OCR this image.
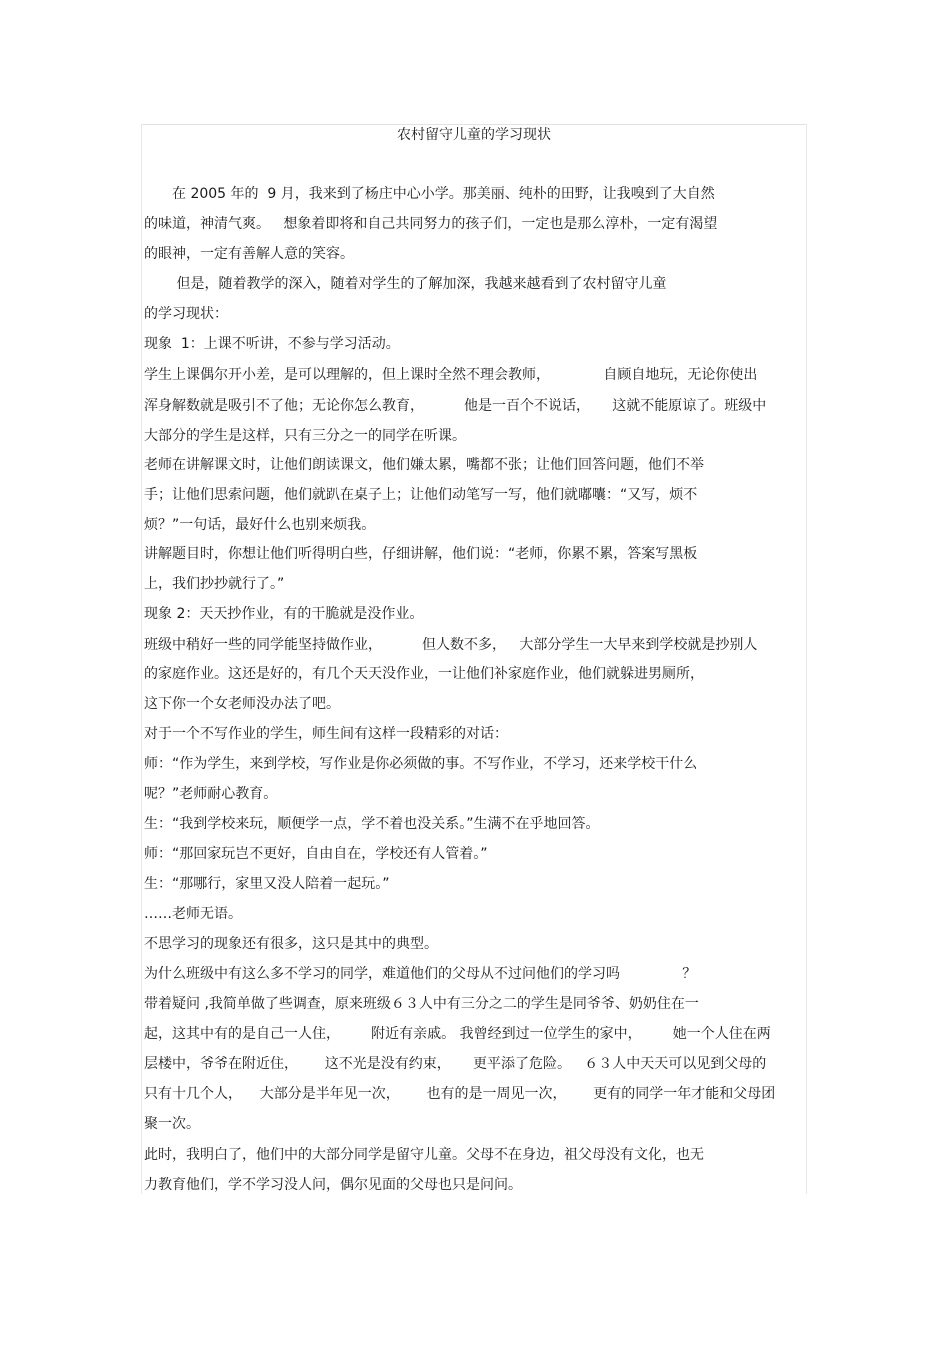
农村留守儿童的学习现状
　　在 2005 年的  9 月，我来到了杨庄中心小学。那美丽、纯朴的田野，让我嗅到了大自然
的味道，神清气爽。   想象着即将和自己共同努力的孩子们，一定也是那么淳朴，一定有渴望
的眼神，一定有善解人意的笑容。
　　 但是，随着教学的深入，随着对学生的了解加深，我越来越看到了农村留守儿童
的学习现状：
现象  1：上课不听讲，不参与学习活动。
学生上课偶尔开小差，是可以理解的，但上课时全然不理会教师，            自顾自地玩，无论你使出
浑身解数就是吸引不了他；无论你怎么教育，         他是一百个不说话，     这就不能原谅了。班级中
大部分的学生是这样，只有三分之一的同学在听课。
老师在讲解课文时，让他们朗读课文，他们嫌太累，嘴都不张；让他们回答问题，他们不举
手；让他们思索问题，他们就趴在桌子上；让他们动笔写一写，他们就嘟囔：“又写，烦不
烦？”一句话，最好什么也别来烦我。
讲解题目时，你想让他们听得明白些，仔细讲解，他们说：“老师，你累不累，答案写黑板
上，我们抄抄就行了。”
现象 2：天天抄作业，有的干脆就是没作业。
班级中稍好一些的同学能坚持做作业，         但人数不多，   大部分学生一大早来到学校就是抄别人
的家庭作业。这还是好的，有几个天天没作业，一让他们补家庭作业，他们就躲进男厕所，
这下你一个女老师没办法了吧。
对于一个不写作业的学生，师生间有这样一段精彩的对话：
师：“作为学生，来到学校，写作业是你必须做的事。不写作业，不学习，还来学校干什么
呢？”老师耐心教育。
生：“我到学校来玩，顺便学一点，学不着也没关系。”生满不在乎地回答。
师：“那回家玩岂不更好，自由自在，学校还有人管着。”
生：“那哪行，家里又没人陪着一起玩。”
……老师无语。
不思学习的现象还有很多，这只是其中的典型。
为什么班级中有这么多不学习的同学，难道他们的父母从不过问他们的学习吗              ？
带着疑问 ,我简单做了些调查，原来班级６３人中有三分之二的学生是同爷爷、奶奶住在一
起，这其中有的是自己一人住，       附近有亲戚。 我曾经到过一位学生的家中，       她一个人住在两
层楼中，爷爷在附近住，      这不光是没有约束，     更平添了危险。   ６３人中天天可以见到父母的
只有十几个人，    大部分是半年见一次，      也有的是一周见一次，      更有的同学一年才能和父母团
聚一次。
此时，我明白了，他们中的大部分同学是留守儿童。父母不在身边，祖父母没有文化，也无
力教育他们，学不学习没人问，偶尔见面的父母也只是问问。
